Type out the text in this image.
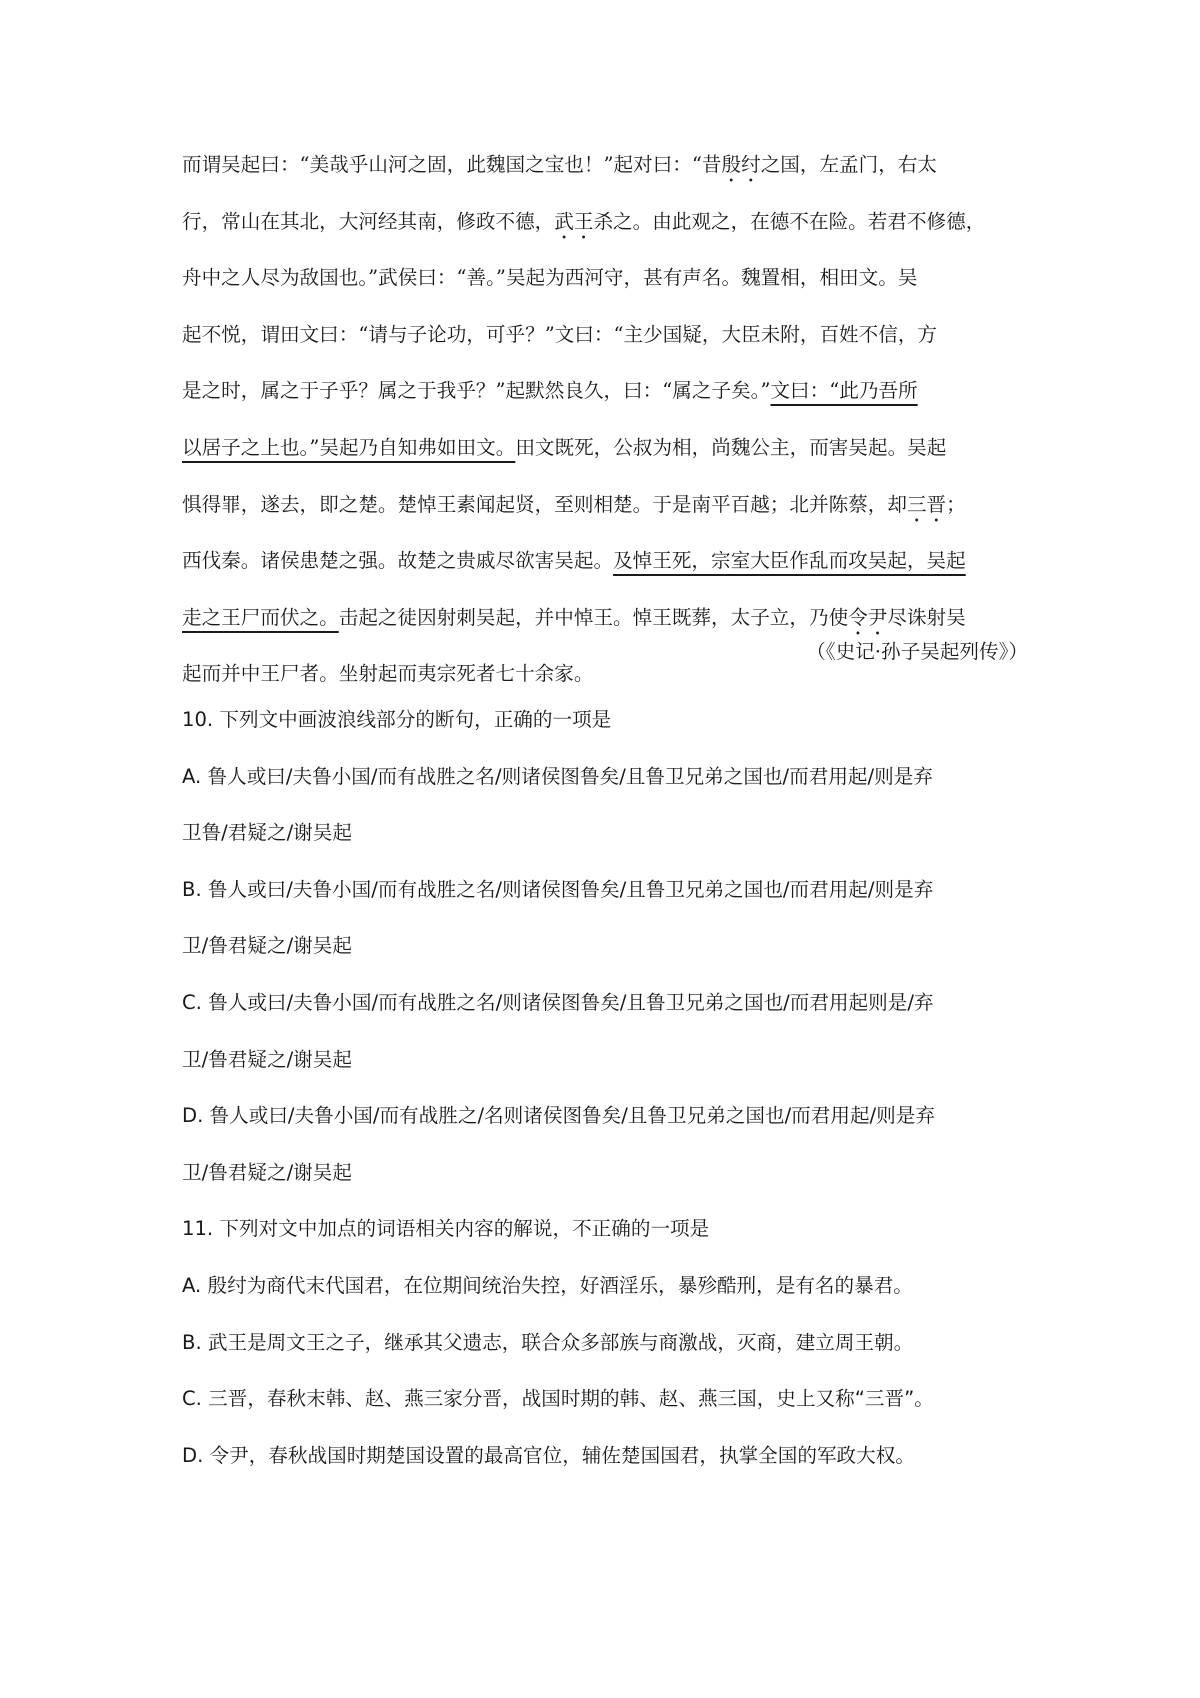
而谓吴起曰：“美哉乎山河之固，此魏国之宝也！”起对曰：“昔殷纣之国，左孟门，右太
行，常山在其北，大河经其南，修政不德，武王杀之。由此观之，在德不在险。若君不修德，
舟中之人尽为敌国也。”武侯曰：“善。”吴起为西河守，甚有声名。魏置相，相田文。吴
起不悦，谓田文曰：“请与子论功，可乎？”文曰：“主少国疑，大臣未附，百姓不信，方
是之时，属之于子乎？属之于我乎？”起默然良久，曰：“属之子矣。”文曰：“此乃吾所
以居子之上也。”吴起乃自知弗如田文。田文既死，公叔为相，尚魏公主，而害吴起。吴起
惧得罪，遂去，即之楚。楚悼王素闻起贤，至则相楚。于是南平百越；北并陈蔡，却三晋；
西伐秦。诸侯患楚之强。故楚之贵戚尽欲害吴起。及悼王死，宗室大臣作乱而攻吴起，吴起
走之王尸而伏之。击起之徒因射刺吴起，并中悼王。悼王既葬，太子立，乃使令尹尽诛射吴
起而并中王尸者。坐射起而夷宗死者七十余家。
（《史记·孙子吴起列传》）
10. 下列文中画波浪线部分的断句，正确的一项是
A. 鲁人或曰/夫鲁小国/而有战胜之名/则诸侯图鲁矣/且鲁卫兄弟之国也/而君用起/则是弃
卫鲁/君疑之/谢吴起
B. 鲁人或曰/夫鲁小国/而有战胜之名/则诸侯图鲁矣/且鲁卫兄弟之国也/而君用起/则是弃
卫/鲁君疑之/谢吴起
C. 鲁人或曰/夫鲁小国/而有战胜之名/则诸侯图鲁矣/且鲁卫兄弟之国也/而君用起则是/弃
卫/鲁君疑之/谢吴起
D. 鲁人或曰/夫鲁小国/而有战胜之/名则诸侯图鲁矣/且鲁卫兄弟之国也/而君用起/则是弃
卫/鲁君疑之/谢吴起
11. 下列对文中加点的词语相关内容的解说，不正确的一项是
A. 殷纣为商代末代国君，在位期间统治失控，好酒淫乐，暴殄酷刑，是有名的暴君。
B. 武王是周文王之子，继承其父遗志，联合众多部族与商激战，灭商，建立周王朝。
C. 三晋，春秋末韩、赵、燕三家分晋，战国时期的韩、赵、燕三国，史上又称“三晋”。
D. 令尹，春秋战国时期楚国设置的最高官位，辅佐楚国国君，执掌全国的军政大权。
